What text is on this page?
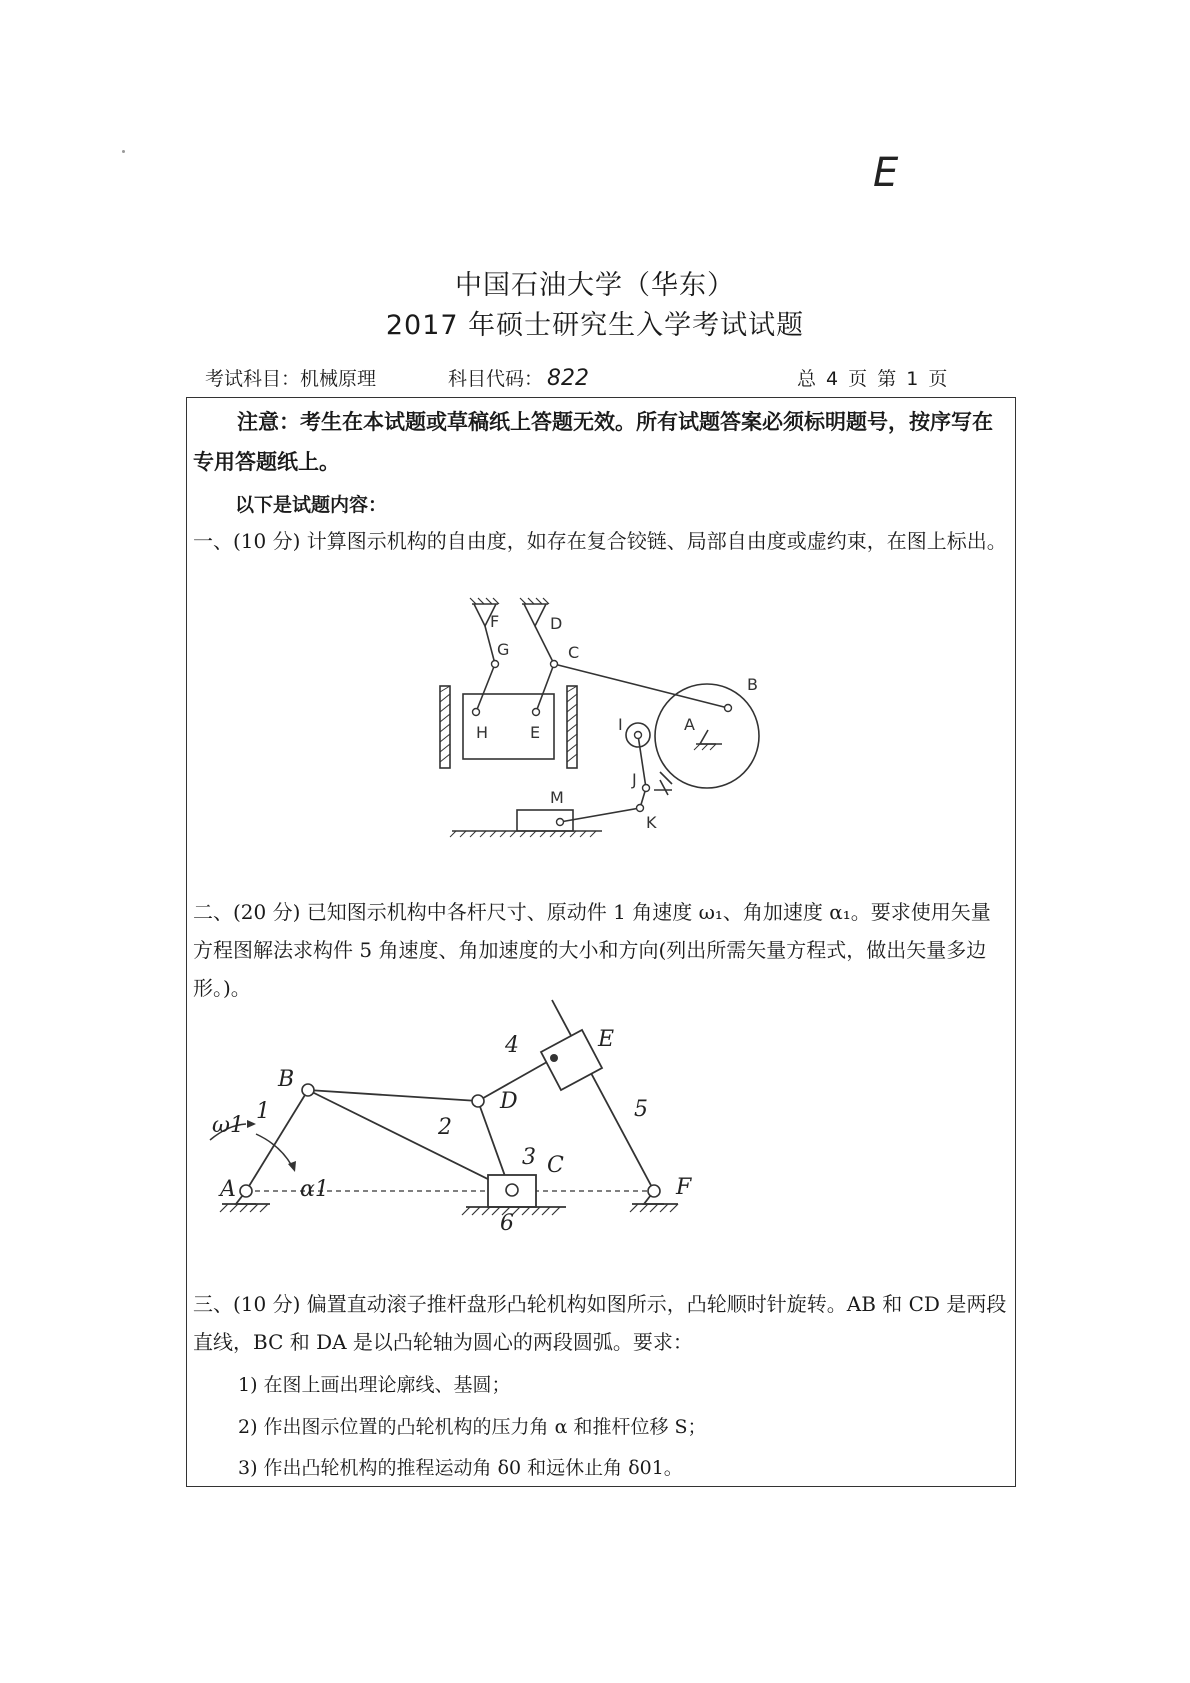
E
中国石油大学（华东）
2017 年硕士研究生入学考试试题
考试科目：机械原理	科目代码： 822	总 4 页 第 1 页
注意：考生在本试题或草稿纸上答题无效。所有试题答案必须标明题号，按序写在专用答题纸上。
以下是试题内容：
一、(10 分) 计算图示机构的自由度，如存在复合铰链、局部自由度或虚约束，在图上标出。
F	D
G	C
B
H	E	I	A
J
M
K
二、(20 分) 已知图示机构中各杆尺寸、原动件 1 角速度 ω₁、角加速度 α₁。要求使用矢量方程图解法求构件 5 角速度、角加速度的大小和方向(列出所需矢量方程式，做出矢量多边形。)。
A
B
C
D
E
F
1
2
3
4
5
6
ω1
α1
三、(10 分) 偏置直动滚子推杆盘形凸轮机构如图所示，凸轮顺时针旋转。AB 和 CD 是两段直线，BC 和 DA 是以凸轮轴为圆心的两段圆弧。要求：
1) 在图上画出理论廓线、基圆；
2) 作出图示位置的凸轮机构的压力角 α 和推杆位移 S；
3) 作出凸轮机构的推程运动角 δ0 和远休止角 δ01。
